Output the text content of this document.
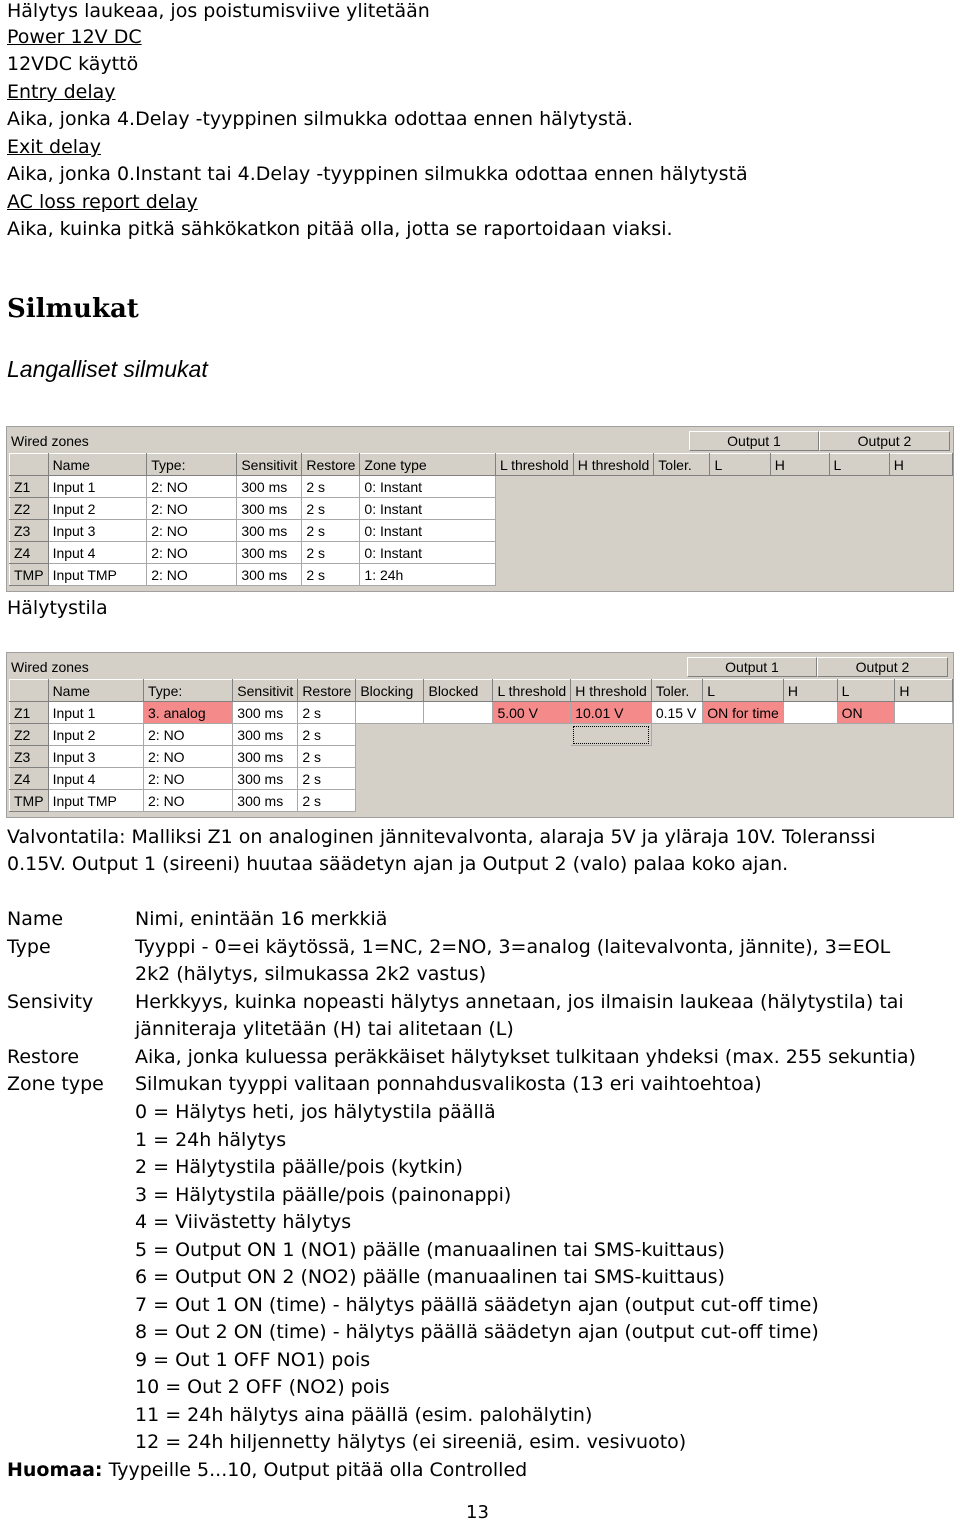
Hälytys laukeaa, jos poistumisviive ylitetään
Power 12V DC
12VDC käyttö
Entry delay
Aika, jonka 4.Delay -tyyppinen silmukka odottaa ennen hälytystä.
Exit delay
Aika, jonka 0.Instant tai 4.Delay -tyyppinen silmukka odottaa ennen hälytystä
AC loss report delay
Aika, kuinka pitkä sähkökatkon pitää olla, jotta se raportoidaan viaksi.
Silmukat
Langalliset silmukat
Wired zones	Output 1	Output 2
	Name	Type:	Sensitivit	Restore	Zone type	L threshold	H threshold	Toler.	L	H	L	H
Z1	Input 1	2: NO	300 ms	2 s	0: Instant							
Z2	Input 2	2: NO	300 ms	2 s	0: Instant							
Z3	Input 3	2: NO	300 ms	2 s	0: Instant							
Z4	Input 4	2: NO	300 ms	2 s	0: Instant							
TMP	Input TMP	2: NO	300 ms	2 s	1: 24h							
Hälytystila
Wired zones	Output 1	Output 2
	Name	Type:	Sensitivit	Restore	Blocking	Blocked	L threshold	H threshold	Toler.	L	H	L	H
Z1	Input 1	3. analog	300 ms	2 s			5.00 V	10.01 V	0.15 V	ON for time		ON	
Z2	Input 2	2: NO	300 ms	2 s									
Z3	Input 3	2: NO	300 ms	2 s									
Z4	Input 4	2: NO	300 ms	2 s									
TMP	Input TMP	2: NO	300 ms	2 s									
Valvontatila: Malliksi Z1 on analoginen jännitevalvonta, alaraja 5V ja yläraja 10V. Toleranssi
0.15V. Output 1 (sireeni) huutaa säädetyn ajan ja Output 2 (valo) palaa koko ajan.
Name	Nimi, enintään 16 merkkiä
Type	Tyyppi - 0=ei käytössä, 1=NC, 2=NO, 3=analog (laitevalvonta, jännite), 3=EOL
2k2 (hälytys, silmukassa 2k2 vastus)
Sensivity Herkkyys, kuinka nopeasti hälytys annetaan, jos ilmaisin laukeaa (hälytystila) tai
jänniteraja ylitetään (H) tai alitetaan (L)
Restore	Aika, jonka kuluessa peräkkäiset hälytykset tulkitaan yhdeksi (max. 255 sekuntia)
Zone type Silmukan tyyppi valitaan ponnahdusvalikosta (13 eri vaihtoehtoa)
0 = Hälytys heti, jos hälytystila päällä
1 = 24h hälytys
2 = Hälytystila päälle/pois (kytkin)
3 = Hälytystila päälle/pois (painonappi)
4 = Viivästetty hälytys
5 = Output ON 1 (NO1) päälle (manuaalinen tai SMS-kuittaus)
6 = Output ON 2 (NO2) päälle (manuaalinen tai SMS-kuittaus)
7 = Out 1 ON (time) - hälytys päällä säädetyn ajan (output cut-off time)
8 = Out 2 ON (time) - hälytys päällä säädetyn ajan (output cut-off time)
9 = Out 1 OFF NO1) pois
10 = Out 2 OFF (NO2) pois
11 = 24h hälytys aina päällä (esim. palohälytin)
12 = 24h hiljennetty hälytys (ei sireeniä, esim. vesivuoto)
Huomaa: Tyypeille 5...10, Output pitää olla Controlled
13
